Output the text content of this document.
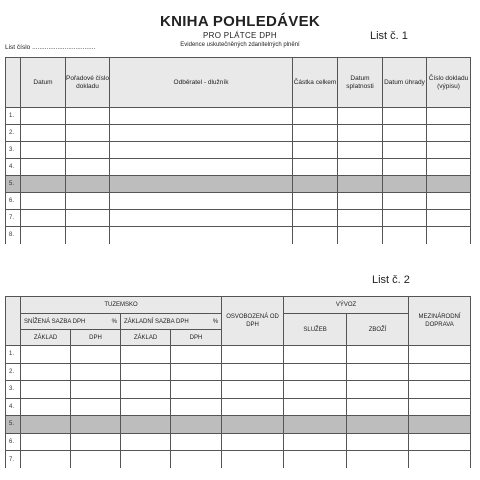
KNIHA POHLEDÁVEK
PRO PLÁTCE DPH
Evidence uskutečněných zdanitelných plnění
List číslo ...................................
List č. 1
List č. 2
	Datum	Pořadové číslo dokladu	Odběratel - dlužník	Částka celkem	Datum splatnosti	Datum úhrady	Číslo dokladu (výpisu)
1.							
2.							
3.							
4.							
5.							
6.							
7.							
8.							
	TUZEMSKO				OSVOBOZENÁ OD DPH	VÝVOZ		MEZINÁRODNÍ DOPRAVA

	SNÍŽENÁ SAZBA DPH %		ZÁKLADNÍ SAZBA DPH %			SLUŽEB	ZBOŽÍ	
	ZÁKLAD	DPH	ZÁKLAD	DPH				
1.								
2.								
3.								
4.								
5.								
6.								
7.								
